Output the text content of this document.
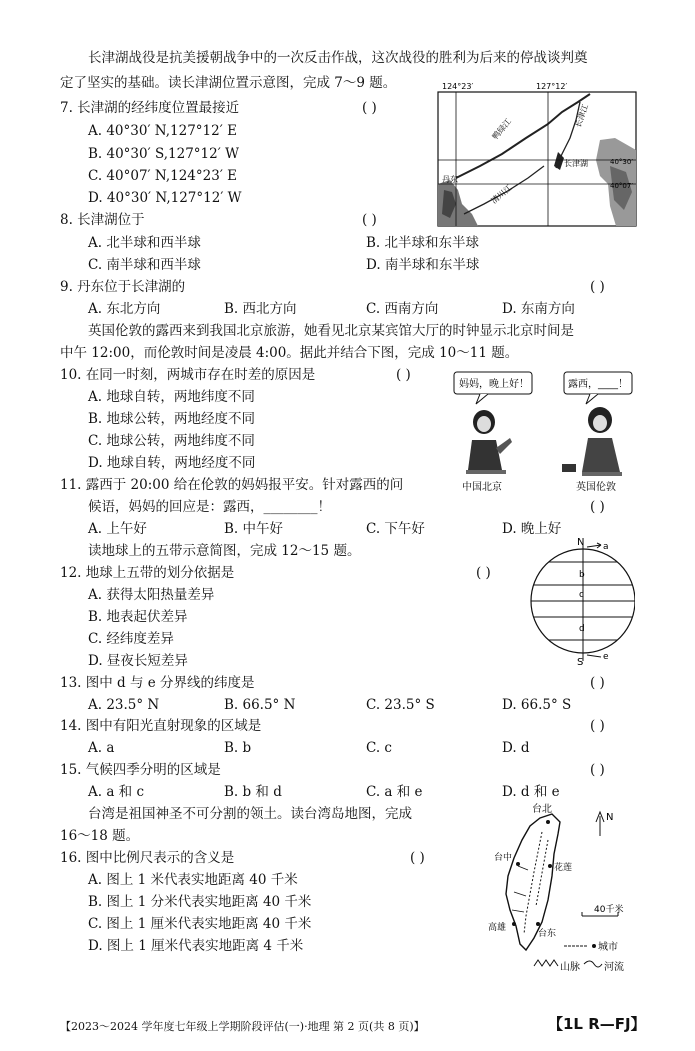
长津湖战役是抗美援朝战争中的一次反击作战，这次战役的胜利为后来的停战谈判奠
定了坚实的基础。读长津湖位置示意图，完成 7～9 题。
7. 长津湖的经纬度位置最接近	( )
A. 40°30′ N,127°12′ E
B. 40°30′ S,127°12′ W
C. 40°07′ N,124°23′ E
D. 40°30′ N,127°12′ W
124°23′	127°12′
40°30′
40°07′
鸭绿江
清川江
丹东
长津湖
长津江
8. 长津湖位于	( )
A. 北半球和西半球	B. 北半球和东半球
C. 南半球和西半球	D. 南半球和东半球
9. 丹东位于长津湖的	( )
A. 东北方向	B. 西北方向	C. 西南方向	D. 东南方向
英国伦敦的露西来到我国北京旅游，她看见北京某宾馆大厅的时钟显示北京时间是
中午 12:00，而伦敦时间是凌晨 4:00。据此并结合下图，完成 10～11 题。
10. 在同一时刻，两城市存在时差的原因是	( )
A. 地球自转，两地纬度不同
B. 地球公转，两地经度不同
C. 地球公转，两地纬度不同
D. 地球自转，两地经度不同
妈妈，晚上好！	露西，____！
中国北京	英国伦敦
11. 露西于 20:00 给在伦敦的妈妈报平安。针对露西的问
候语，妈妈的回应是：露西，________！	( )
A. 上午好	B. 中午好	C. 下午好	D. 晚上好
读地球上的五带示意简图，完成 12～15 题。
N a
b
c
d
e
S
12. 地球上五带的划分依据是	( )
A. 获得太阳热量差异
B. 地表起伏差异
C. 经纬度差异
D. 昼夜长短差异
13. 图中 d 与 e 分界线的纬度是	( )
A. 23.5° N	B. 66.5° N	C. 23.5° S	D. 66.5° S
14. 图中有阳光直射现象的区域是	( )
A. a	B. b	C. c	D. d
15. 气候四季分明的区域是	( )
A. a 和 c	B. b 和 d	C. a 和 e	D. d 和 e
台湾是祖国神圣不可分割的领土。读台湾岛地图，完成
16～18 题。
台北
台中
花莲
高雄
台东
N
40千米
城市
山脉 河流
16. 图中比例尺表示的含义是	( )
A. 图上 1 米代表实地距离 40 千米
B. 图上 1 分米代表实地距离 40 千米
C. 图上 1 厘米代表实地距离 40 千米
D. 图上 1 厘米代表实地距离 4 千米
【2023～2024 学年度七年级上学期阶段评估(一)·地理 第 2 页(共 8 页)】	【1L R—FJ】
